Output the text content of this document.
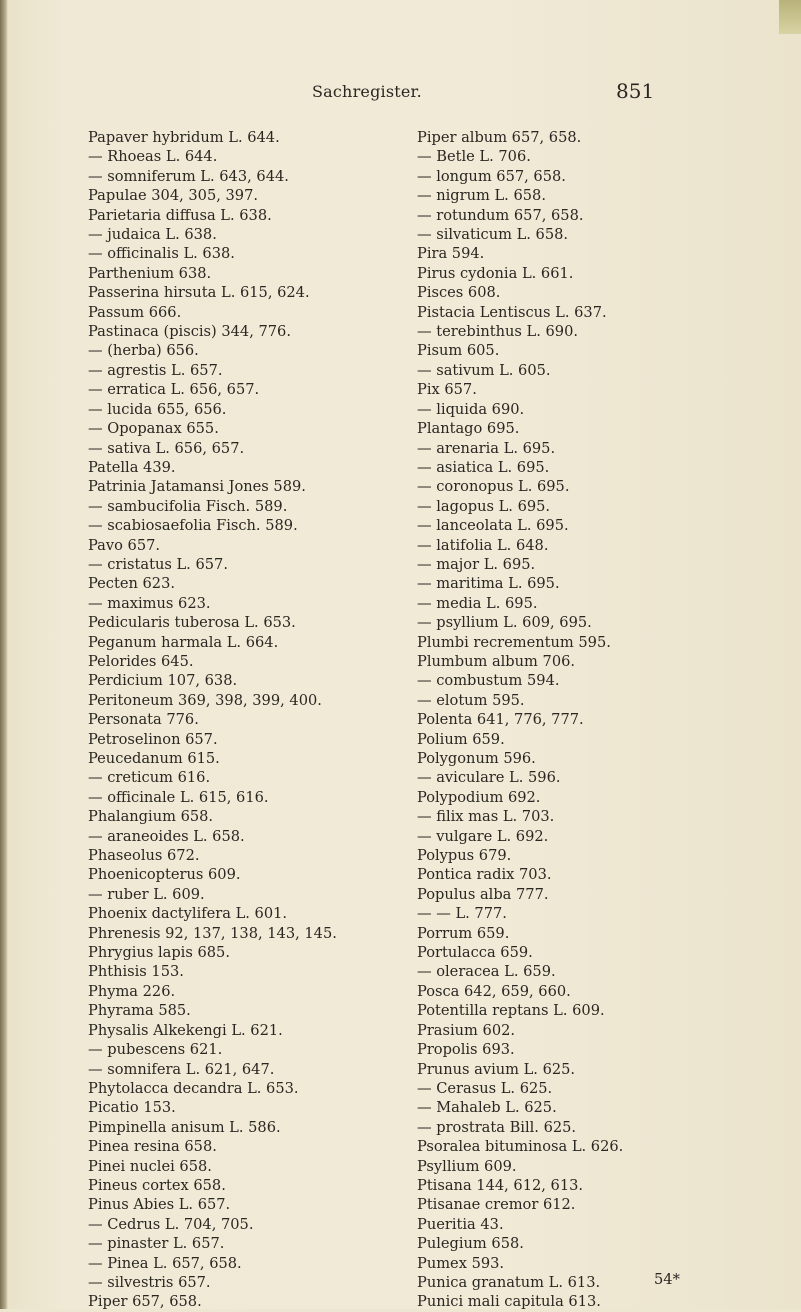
Sachregister.	851
Papaver hybridum L. 644.
— Rhoeas L. 644.
— somniferum L. 643, 644.
Papulae 304, 305, 397.
Parietaria diffusa L. 638.
— judaica L. 638.
— officinalis L. 638.
Parthenium 638.
Passerina hirsuta L. 615, 624.
Passum 666.
Pastinaca (piscis) 344, 776.
— (herba) 656.
— agrestis L. 657.
— erratica L. 656, 657.
— lucida 655, 656.
— Opopanax 655.
— sativa L. 656, 657.
Patella 439.
Patrinia Jatamansi Jones 589.
— sambucifolia Fisch. 589.
— scabiosaefolia Fisch. 589.
Pavo 657.
— cristatus L. 657.
Pecten 623.
— maximus 623.
Pedicularis tuberosa L. 653.
Peganum harmala L. 664.
Pelorides 645.
Perdicium 107, 638.
Peritoneum 369, 398, 399, 400.
Personata 776.
Petroselinon 657.
Peucedanum 615.
— creticum 616.
— officinale L. 615, 616.
Phalangium 658.
— araneoides L. 658.
Phaseolus 672.
Phoenicopterus 609.
— ruber L. 609.
Phoenix dactylifera L. 601.
Phrenesis 92, 137, 138, 143, 145.
Phrygius lapis 685.
Phthisis 153.
Phyma 226.
Phyrama 585.
Physalis Alkekengi L. 621.
— pubescens 621.
— somnifera L. 621, 647.
Phytolacca decandra L. 653.
Picatio 153.
Pimpinella anisum L. 586.
Pinea resina 658.
Pinei nuclei 658.
Pineus cortex 658.
Pinus Abies L. 657.
— Cedrus L. 704, 705.
— pinaster L. 657.
— Pinea L. 657, 658.
— silvestris 657.
Piper 657, 658.
Piper album 657, 658.
— Betle L. 706.
— longum 657, 658.
— nigrum L. 658.
— rotundum 657, 658.
— silvaticum L. 658.
Pira 594.
Pirus cydonia L. 661.
Pisces 608.
Pistacia Lentiscus L. 637.
— terebinthus L. 690.
Pisum 605.
— sativum L. 605.
Pix 657.
— liquida 690.
Plantago 695.
— arenaria L. 695.
— asiatica L. 695.
— coronopus L. 695.
— lagopus L. 695.
— lanceolata L. 695.
— latifolia L. 648.
— major L. 695.
— maritima L. 695.
— media L. 695.
— psyllium L. 609, 695.
Plumbi recrementum 595.
Plumbum album 706.
— combustum 594.
— elotum 595.
Polenta 641, 776, 777.
Polium 659.
Polygonum 596.
— aviculare L. 596.
Polypodium 692.
— filix mas L. 703.
— vulgare L. 692.
Polypus 679.
Pontica radix 703.
Populus alba 777.
— — L. 777.
Porrum 659.
Portulacca 659.
— oleracea L. 659.
Posca 642, 659, 660.
Potentilla reptans L. 609.
Prasium 602.
Propolis 693.
Prunus avium L. 625.
— Cerasus L. 625.
— Mahaleb L. 625.
— prostrata Bill. 625.
Psoralea bituminosa L. 626.
Psyllium 609.
Ptisana 144, 612, 613.
Ptisanae cremor 612.
Pueritia 43.
Pulegium 658.
Pumex 593.
Punica granatum L. 613.
Punici mali capitula 613.
54*
